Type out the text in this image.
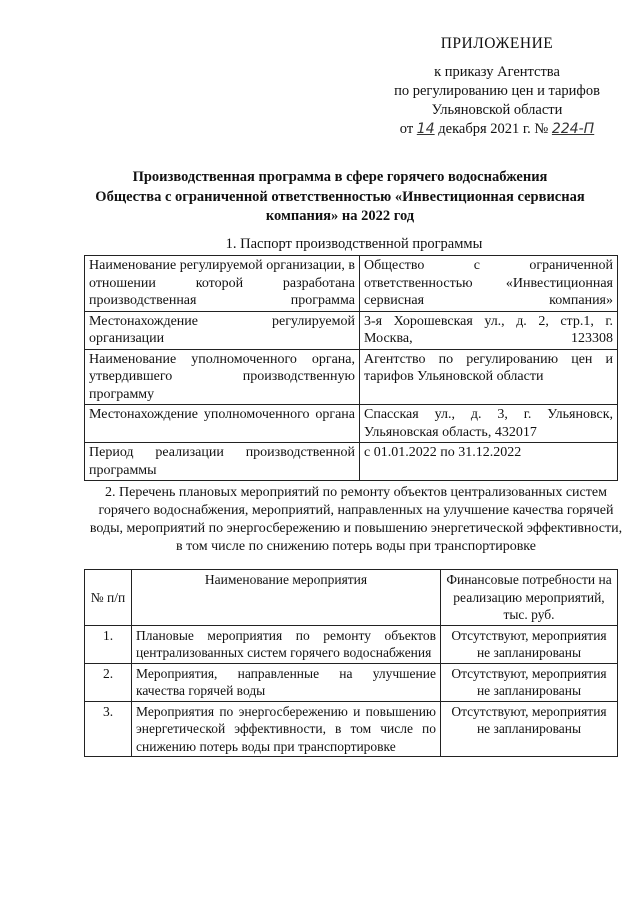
ПРИЛОЖЕНИЕ
к приказу Агентства
по регулированию цен и тарифов
Ульяновской области
от 14 декабря 2021 г. № 224-П
Производственная программа в сфере горячего водоснабжения
Общества с ограниченной ответственностью «Инвестиционная сервисная
компания» на 2022 год
1. Паспорт производственной программы
Наименование регулируемой организации, в отношении которой разработана производственная программа	Общество с ограниченной ответственностью «Инвестиционная сервисная компания»
Местонахождение регулируемой организации	3-я Хорошевская ул., д. 2, стр.1, г. Москва, 123308
Наименование уполномоченного органа, утвердившего производственную программу	Агентство по регулированию цен и тарифов Ульяновской области
Местонахождение уполномоченного органа	Спасская ул., д. 3, г. Ульяновск, Ульяновская область, 432017
Период реализации производственной программы	с 01.01.2022 по 31.12.2022
2. Перечень плановых мероприятий по ремонту объектов централизованных систем горячего водоснабжения, мероприятий, направленных на улучшение качества горячей воды, мероприятий по энергосбережению и повышению энергетической эффективности, в том числе по снижению потерь воды при транспортировке
№ п/п	Наименование мероприятия	Финансовые потребности на реализацию мероприятий, тыс. руб.
1.	Плановые мероприятия по ремонту объектов централизованных систем горячего водоснабжения	Отсутствуют, мероприятия не запланированы
2.	Мероприятия, направленные на улучшение качества горячей воды	Отсутствуют, мероприятия не запланированы
3.	Мероприятия по энергосбережению и повышению энергетической эффективности, в том числе по снижению потерь воды при транспортировке	Отсутствуют, мероприятия не запланированы
